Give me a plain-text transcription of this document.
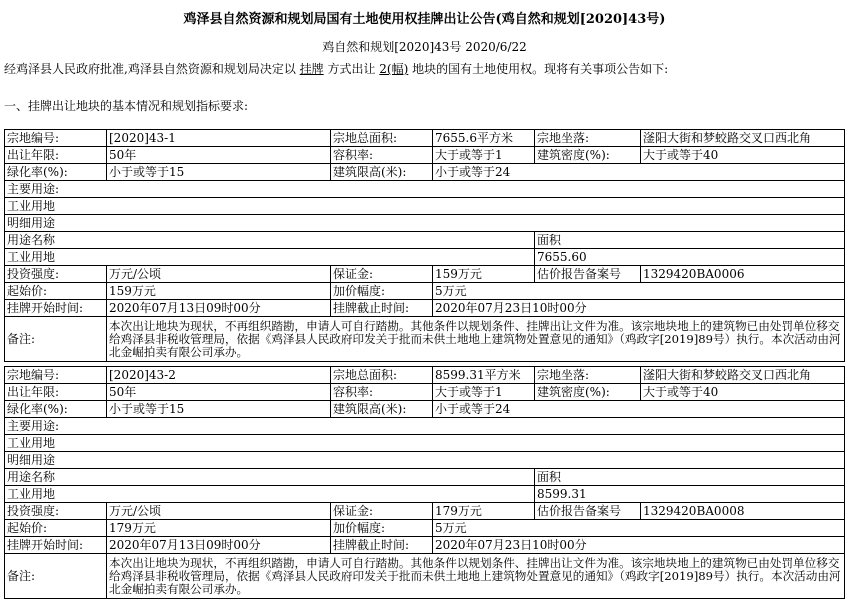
鸡泽县自然资源和规划局国有土地使用权挂牌出让公告(鸡自然和规划[2020]43号)
鸡自然和规划[2020]43号 2020/6/22
经鸡泽县人民政府批准,鸡泽县自然资源和规划局决定以 挂牌 方式出让 2(幅) 地块的国有土地使用权。现将有关事项公告如下:
一、挂牌出让地块的基本情况和规划指标要求:
宗地编号:	[2020]43-1	宗地总面积:	7655.6平方米	宗地坐落:	滏阳大街和梦蛟路交叉口西北角
出让年限:	50年	容积率:	大于或等于1	建筑密度(%):	大于或等于40
绿化率(%):	小于或等于15	建筑限高(米):	小于或等于24		
主要用途:					
工业用地					
明细用途					
用途名称				面积	
工业用地				7655.60	
投资强度:	万元/公顷	保证金:	159万元	估价报告备案号	1329420BA0006
起始价:	159万元	加价幅度:	5万元		
挂牌开始时间:	2020年07月13日09时00分	挂牌截止时间:	2020年07月23日10时00分		
备注:	本次出让地块为现状，不再组织踏勘，申请人可自行踏勘。其他条件以规划条件、挂牌出让文件为准。该宗地块地上的建筑物已由处罚单位移交给鸡泽县非税收管理局，依据《鸡泽县人民政府印发关于批而未供土地地上建筑物处置意见的通知》（鸡政字[2019]89号）执行。本次活动由河北金崛拍卖有限公司承办。				
宗地编号:	[2020]43-2	宗地总面积:	8599.31平方米	宗地坐落:	滏阳大街和梦蛟路交叉口西北角
出让年限:	50年	容积率:	大于或等于1	建筑密度(%):	大于或等于40
绿化率(%):	小于或等于15	建筑限高(米):	小于或等于24		
主要用途:					
工业用地					
明细用途					
用途名称				面积	
工业用地				8599.31	
投资强度:	万元/公顷	保证金:	179万元	估价报告备案号	1329420BA0008
起始价:	179万元	加价幅度:	5万元		
挂牌开始时间:	2020年07月13日09时00分	挂牌截止时间:	2020年07月23日10时00分		
备注:	本次出让地块为现状，不再组织踏勘，申请人可自行踏勘。其他条件以规划条件、挂牌出让文件为准。该宗地块地上的建筑物已由处罚单位移交给鸡泽县非税收管理局，依据《鸡泽县人民政府印发关于批而未供土地地上建筑物处置意见的通知》（鸡政字[2019]89号）执行。本次活动由河北金崛拍卖有限公司承办。				
